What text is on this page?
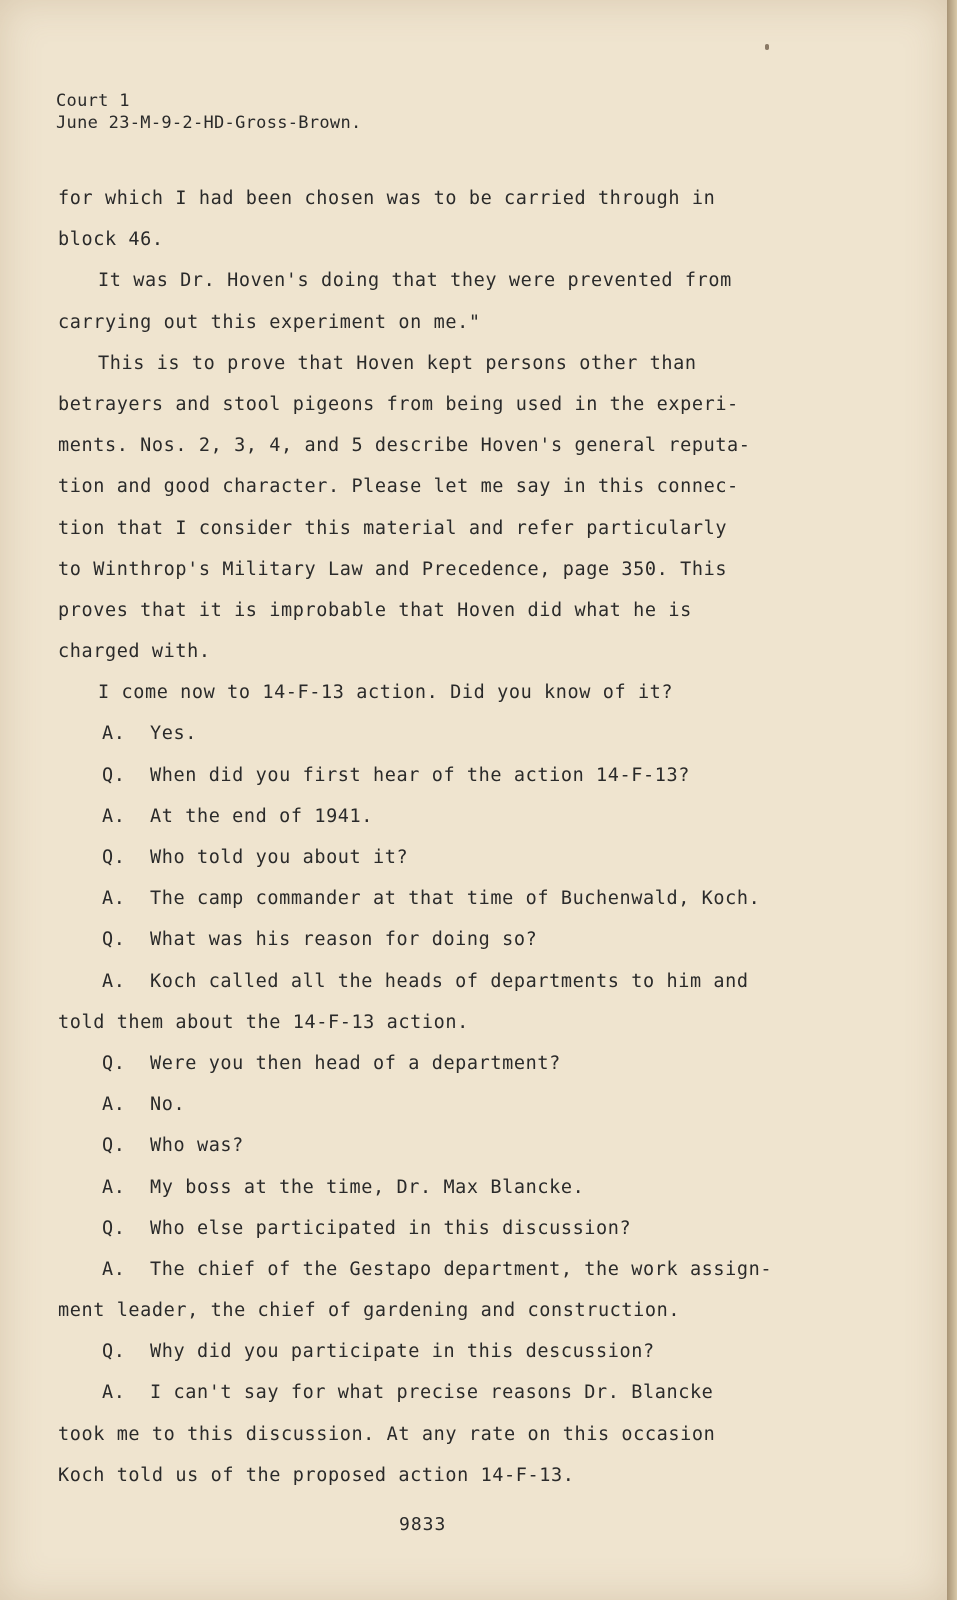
Court 1
June 23-M-9-2-HD-Gross-Brown.
for which I had been chosen was to be carried through in
block 46.
It was Dr. Hoven's doing that they were prevented from
carrying out this experiment on me."
This is to prove that Hoven kept persons other than
betrayers and stool pigeons from being used in the experi-
ments. Nos. 2, 3, 4, and 5 describe Hoven's general reputa-
tion and good character. Please let me say in this connec-
tion that I consider this material and refer particularly
to Winthrop's Military Law and Precedence, page 350. This
proves that it is improbable that Hoven did what he is
charged with.
I come now to 14-F-13 action. Did you know of it?
A. Yes.
Q. When did you first hear of the action 14-F-13?
A. At the end of 1941.
Q. Who told you about it?
A. The camp commander at that time of Buchenwald, Koch.
Q. What was his reason for doing so?
A. Koch called all the heads of departments to him and
told them about the 14-F-13 action.
Q. Were you then head of a department?
A. No.
Q. Who was?
A. My boss at the time, Dr. Max Blancke.
Q. Who else participated in this discussion?
A. The chief of the Gestapo department, the work assign-
ment leader, the chief of gardening and construction.
Q. Why did you participate in this descussion?
A. I can't say for what precise reasons Dr. Blancke
took me to this discussion. At any rate on this occasion
Koch told us of the proposed action 14-F-13.
9833
